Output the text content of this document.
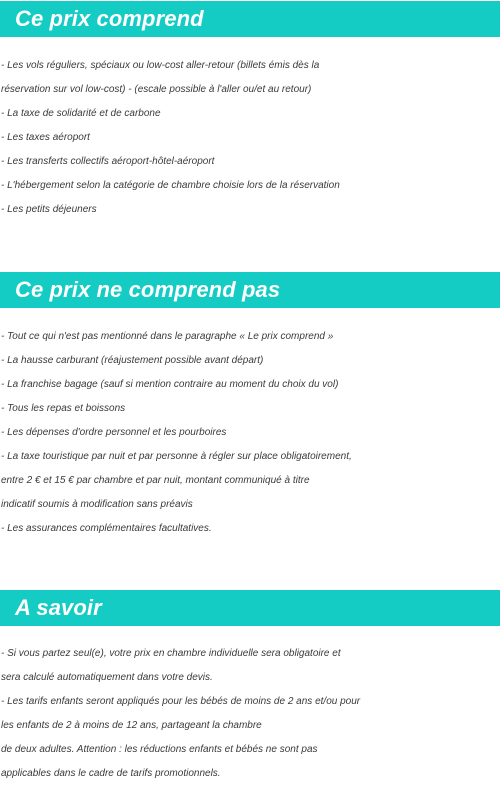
Ce prix comprend
- Les vols réguliers, spéciaux ou low-cost aller-retour (billets émis dès la
réservation sur vol low-cost) - (escale possible à l'aller ou/et au retour)
- La taxe de solidarité et de carbone
- Les taxes aéroport
- Les transferts collectifs aéroport-hôtel-aéroport
- L'hébergement selon la catégorie de chambre choisie lors de la réservation
- Les petits déjeuners
Ce prix ne comprend pas
- Tout ce qui n'est pas mentionné dans le paragraphe « Le prix comprend »
- La hausse carburant (réajustement possible avant départ)
- La franchise bagage (sauf si mention contraire au moment du choix du vol)
- Tous les repas et boissons
- Les dépenses d'ordre personnel et les pourboires
- La taxe touristique par nuit et par personne à régler sur place obligatoirement,
entre 2 € et 15 € par chambre et par nuit, montant communiqué à titre
indicatif soumis à modification sans préavis
- Les assurances complémentaires facultatives.
A savoir
- Si vous partez seul(e), votre prix en chambre individuelle sera obligatoire et
sera calculé automatiquement dans votre devis.
- Les tarifs enfants seront appliqués pour les bébés de moins de 2 ans et/ou pour
les enfants de 2 à moins de 12 ans, partageant la chambre
de deux adultes. Attention : les réductions enfants et bébés ne sont pas
applicables dans le cadre de tarifs promotionnels.
